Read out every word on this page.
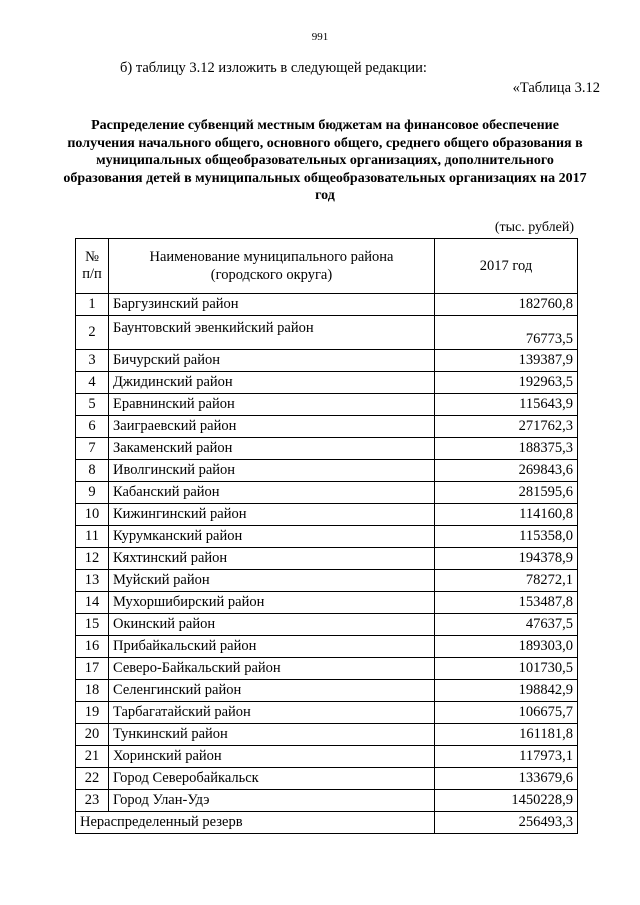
991
б) таблицу 3.12 изложить в следующей редакции:
«Таблица 3.12
Распределение субвенций местным бюджетам на финансовое обеспечение получения начального общего, основного общего, среднего общего образования в муниципальных общеобразовательных организациях, дополнительного образования детей в муниципальных общеобразовательных организациях на 2017 год
(тыс. рублей)
№ п/п	Наименование муниципального района (городского округа)	2017 год
1	Баргузинский район	182760,8
2	Баунтовский эвенкийский район	76773,5
3	Бичурский район	139387,9
4	Джидинский район	192963,5
5	Еравнинский район	115643,9
6	Заиграевский район	271762,3
7	Закаменский район	188375,3
8	Иволгинский район	269843,6
9	Кабанский район	281595,6
10	Кижингинский район	114160,8
11	Курумканский район	115358,0
12	Кяхтинский район	194378,9
13	Муйский район	78272,1
14	Мухоршибирский район	153487,8
15	Окинский район	47637,5
16	Прибайкальский район	189303,0
17	Северо-Байкальский район	101730,5
18	Селенгинский район	198842,9
19	Тарбагатайский район	106675,7
20	Тункинский район	161181,8
21	Хоринский район	117973,1
22	Город Северобайкальск	133679,6
23	Город Улан-Удэ	1450228,9
Нераспределенный резерв		256493,3
